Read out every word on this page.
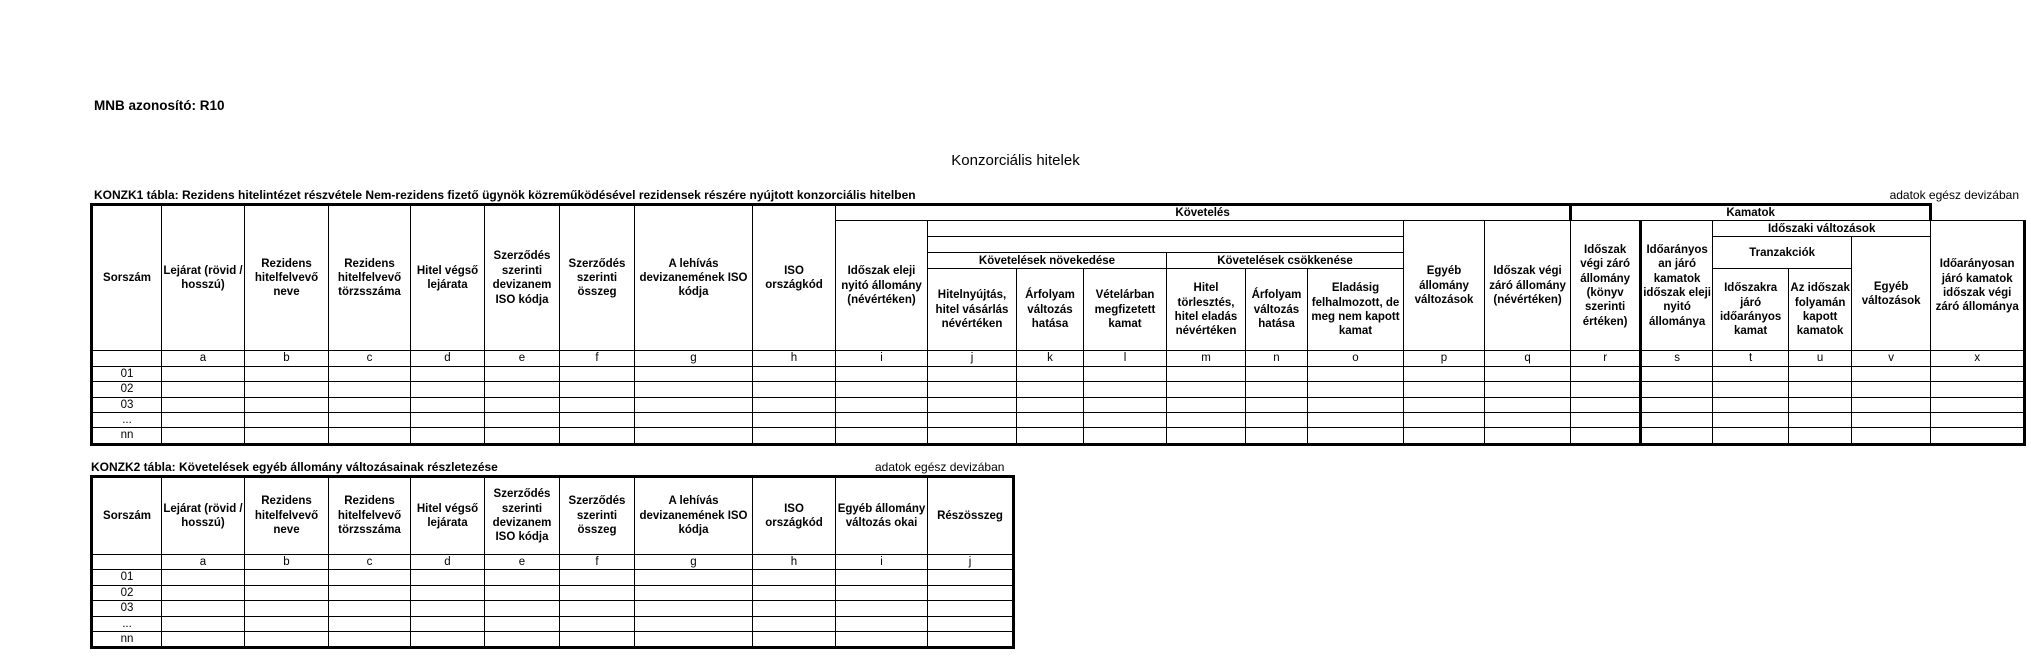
MNB azonosító: R10
Konzorciális hitelek
KONZK1 tábla: Rezidens hitelintézet részvétele Nem-rezidens fizető ügynök közreműködésével rezidensek részére nyújtott konzorciális hitelben	adatok egész devizában
Sorszám	Lejárat (rövid / hosszú)	Rezidens hitelfelvevő neve	Rezidens hitelfelvevő törzsszáma	Hitel végső lejárata	Szerződés szerinti devizanem ISO kódja	Szerződés szerinti összeg	A lehívás devizanemének ISO kódja	ISO országkód	Követelés									Kamatok					
									Időszak eleji nyitó állomány (névértéken)							Egyéb állomány változások	Időszak végi záró állomány (névértéken)	Időszak végi záró állomány (könyv szerinti értéken)	Időarányos an járó kamatok időszak eleji nyitó állománya	Időszaki változások			Időarányosan járó kamatok időszak végi záró állománya
																				Tranzakciók		Egyéb változások	
										Követelések növekedése			Követelések csökkenése										
										Hitelnyújtás, hitel vásárlás névértéken	Árfolyam változás hatása	Vételárban megfizetett kamat	Hitel törlesztés, hitel eladás névértéken	Árfolyam változás hatása	Eladásig felhalmozott, de meg nem kapott kamat					Időszakra járó időarányos kamat	Az időszak folyamán kapott kamatok		
	a	b	c	d	e	f	g	h	i	j	k	l	m	n	o	p	q	r	s	t	u	v	x
01																							
02																							
03																							
...																							
nn																							
KONZK2 tábla: Követelések egyéb állomány változásainak részletezése	adatok egész devizában
Sorszám	Lejárat (rövid / hosszú)	Rezidens hitelfelvevő neve	Rezidens hitelfelvevő törzsszáma	Hitel végső lejárata	Szerződés szerinti devizanem ISO kódja	Szerződés szerinti összeg	A lehívás devizanemének ISO kódja	ISO országkód	Egyéb állomány változás okai	Részösszeg
	a	b	c	d	e	f	g	h	i	j
01										
02										
03										
...										
nn										
